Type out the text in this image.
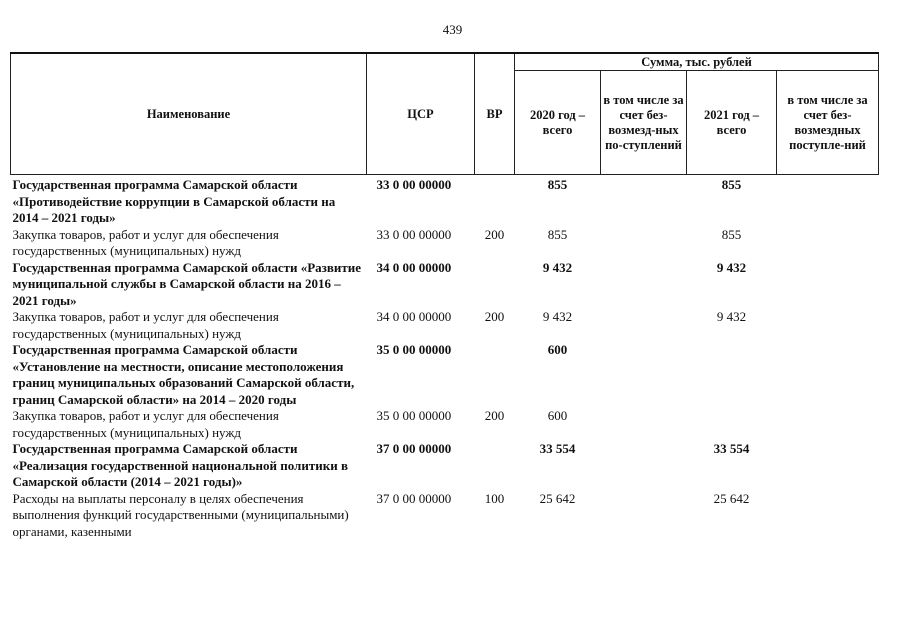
439
Наименование	ЦСР	ВР	Сумма, тыс. рублей			
			2020 год – всего	в том числе за счет без-возмезд-ных по-ступлений	2021 год – всего	в том числе за счет без-возмездных поступле-ний
Государственная программа Самарской области «Противодействие коррупции в Самарской области на 2014 – 2021 годы»	33 0 00 00000		855		855	
Закупка товаров, работ и услуг для обеспечения государственных (муниципальных) нужд	33 0 00 00000	200	855		855	
Государственная программа Самарской области «Развитие муниципальной службы в Самарской области на 2016 – 2021 годы»	34 0 00 00000		9 432		9 432	
Закупка товаров, работ и услуг для обеспечения государственных (муниципальных) нужд	34 0 00 00000	200	9 432		9 432	
Государственная программа Самарской области «Установление на местности, описание местоположения границ муниципальных образований Самарской области, границ Самарской области» на 2014 – 2020 годы	35 0 00 00000		600			
Закупка товаров, работ и услуг для обеспечения государственных (муниципальных) нужд	35 0 00 00000	200	600			
Государственная программа Самарской области «Реализация государственной национальной политики в Самарской области (2014 – 2021 годы)»	37 0 00 00000		33 554		33 554	
Расходы на выплаты персоналу в целях обеспечения выполнения функций государственными (муниципальными) органами, казенными	37 0 00 00000	100	25 642		25 642	
